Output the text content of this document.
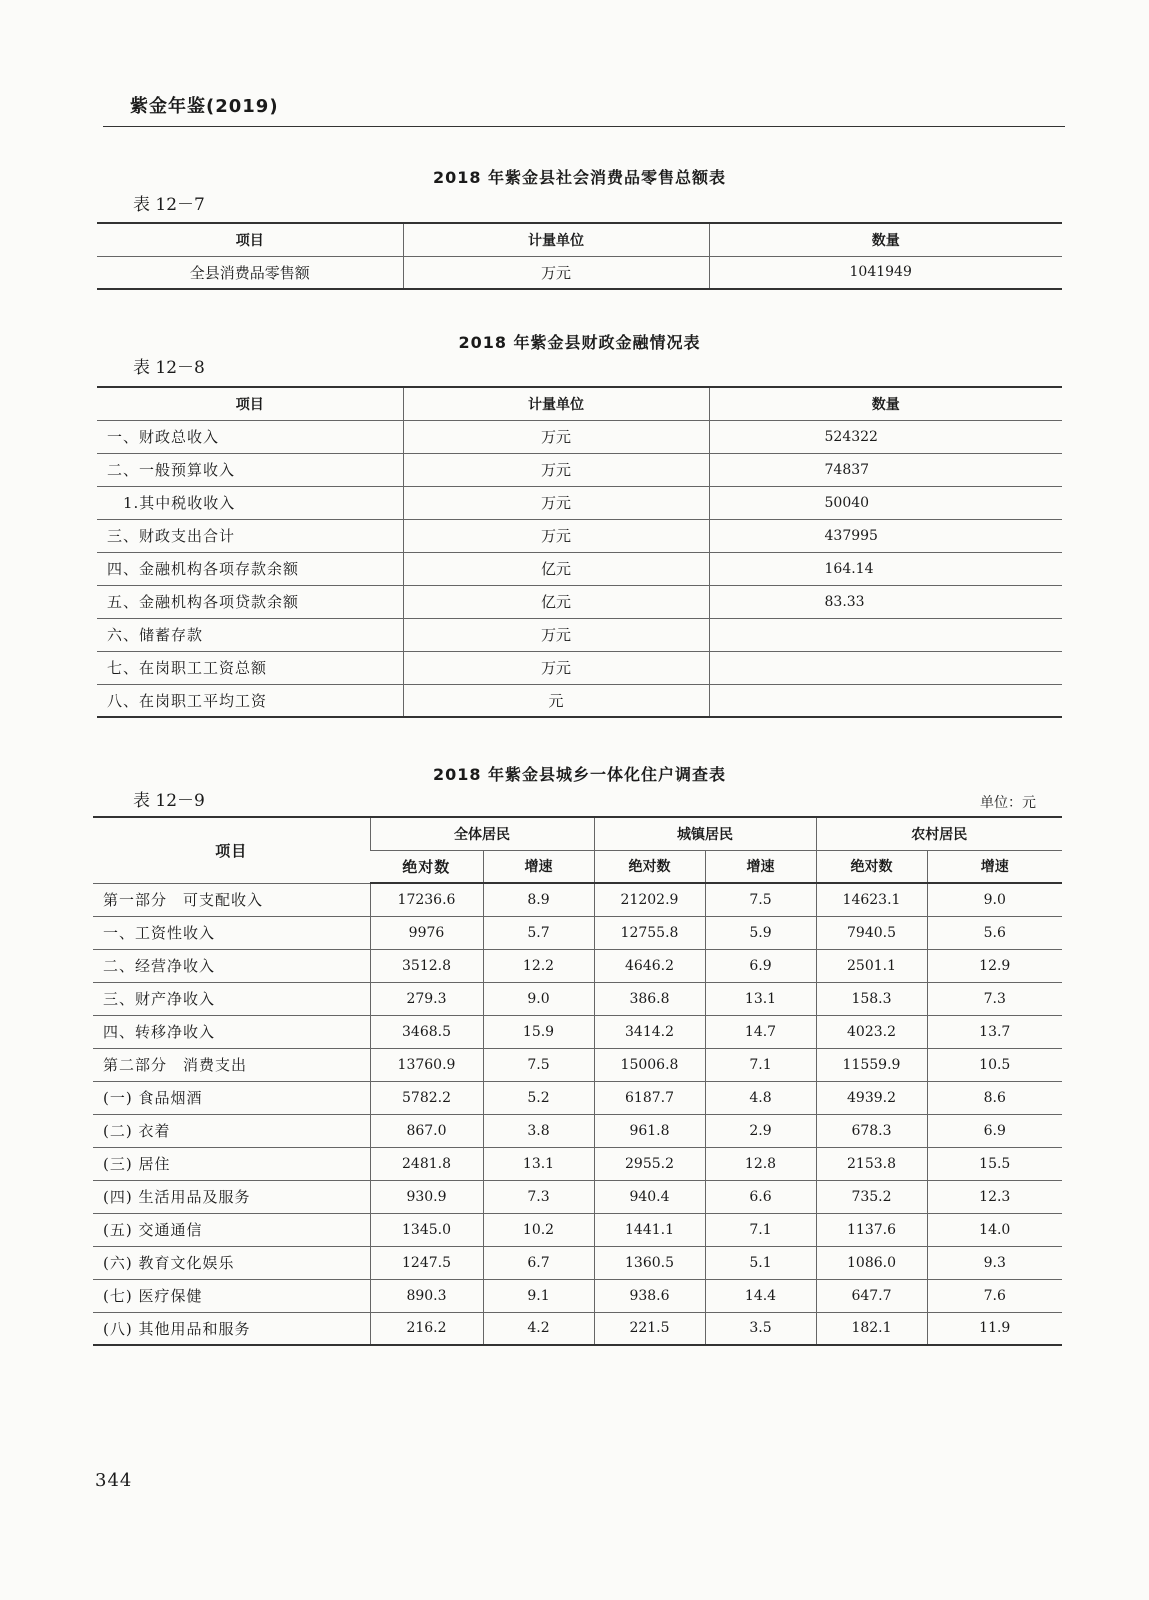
紫金年鉴(2019)
2018 年紫金县社会消费品零售总额表
表 12－7
项目	计量单位	数量
全县消费品零售额	万元	1041949
2018 年紫金县财政金融情况表
表 12－8
项目	计量单位	数量
一、财政总收入	万元	524322
二、一般预算收入	万元	74837
　1.其中税收收入	万元	50040
三、财政支出合计	万元	437995
四、金融机构各项存款余额	亿元	164.14
五、金融机构各项贷款余额	亿元	83.33
六、储蓄存款	万元	
七、在岗职工工资总额	万元	
八、在岗职工平均工资	元	
2018 年紫金县城乡一体化住户调查表
表 12－9	单位：元
项目	全体居民		城镇居民		农村居民	
	绝对数	增速	绝对数	增速	绝对数	增速
第一部分　可支配收入	17236.6	8.9	21202.9	7.5	14623.1	9.0
一、工资性收入	9976	5.7	12755.8	5.9	7940.5	5.6
二、经营净收入	3512.8	12.2	4646.2	6.9	2501.1	12.9
三、财产净收入	279.3	9.0	386.8	13.1	158.3	7.3
四、转移净收入	3468.5	15.9	3414.2	14.7	4023.2	13.7
第二部分　消费支出	13760.9	7.5	15006.8	7.1	11559.9	10.5
(一) 食品烟酒	5782.2	5.2	6187.7	4.8	4939.2	8.6
(二) 衣着	867.0	3.8	961.8	2.9	678.3	6.9
(三) 居住	2481.8	13.1	2955.2	12.8	2153.8	15.5
(四) 生活用品及服务	930.9	7.3	940.4	6.6	735.2	12.3
(五) 交通通信	1345.0	10.2	1441.1	7.1	1137.6	14.0
(六) 教育文化娱乐	1247.5	6.7	1360.5	5.1	1086.0	9.3
(七) 医疗保健	890.3	9.1	938.6	14.4	647.7	7.6
(八) 其他用品和服务	216.2	4.2	221.5	3.5	182.1	11.9
344
